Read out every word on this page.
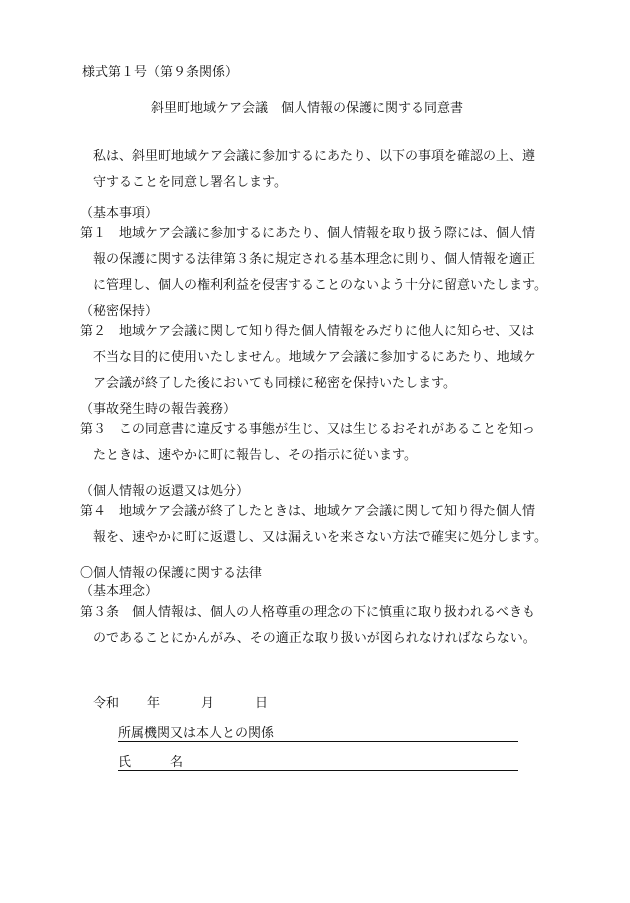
様式第１号（第９条関係）
斜里町地域ケア会議　個人情報の保護に関する同意書
私は、斜里町地域ケア会議に参加するにあたり、以下の事項を確認の上、遵
守することを同意し署名します。
（基本事項）
第１　地域ケア会議に参加するにあたり、個人情報を取り扱う際には、個人情
報の保護に関する法律第３条に規定される基本理念に則り、個人情報を適正
に管理し、個人の権利利益を侵害することのないよう十分に留意いたします。
（秘密保持）
第２　地域ケア会議に関して知り得た個人情報をみだりに他人に知らせ、又は
不当な目的に使用いたしません。地域ケア会議に参加するにあたり、地域ケ
ア会議が終了した後においても同様に秘密を保持いたします。
（事故発生時の報告義務）
第３　この同意書に違反する事態が生じ、又は生じるおそれがあることを知っ
たときは、速やかに町に報告し、その指示に従います。
（個人情報の返還又は処分）
第４　地域ケア会議が終了したときは、地域ケア会議に関して知り得た個人情
報を、速やかに町に返還し、又は漏えいを来さない方法で確実に処分します。
〇個人情報の保護に関する法律
（基本理念）
第３条　個人情報は、個人の人格尊重の理念の下に慎重に取り扱われるべきも
のであることにかんがみ、その適正な取り扱いが図られなければならない。
令和 年	月	日
所属機関又は本人との関係
氏　　　名
